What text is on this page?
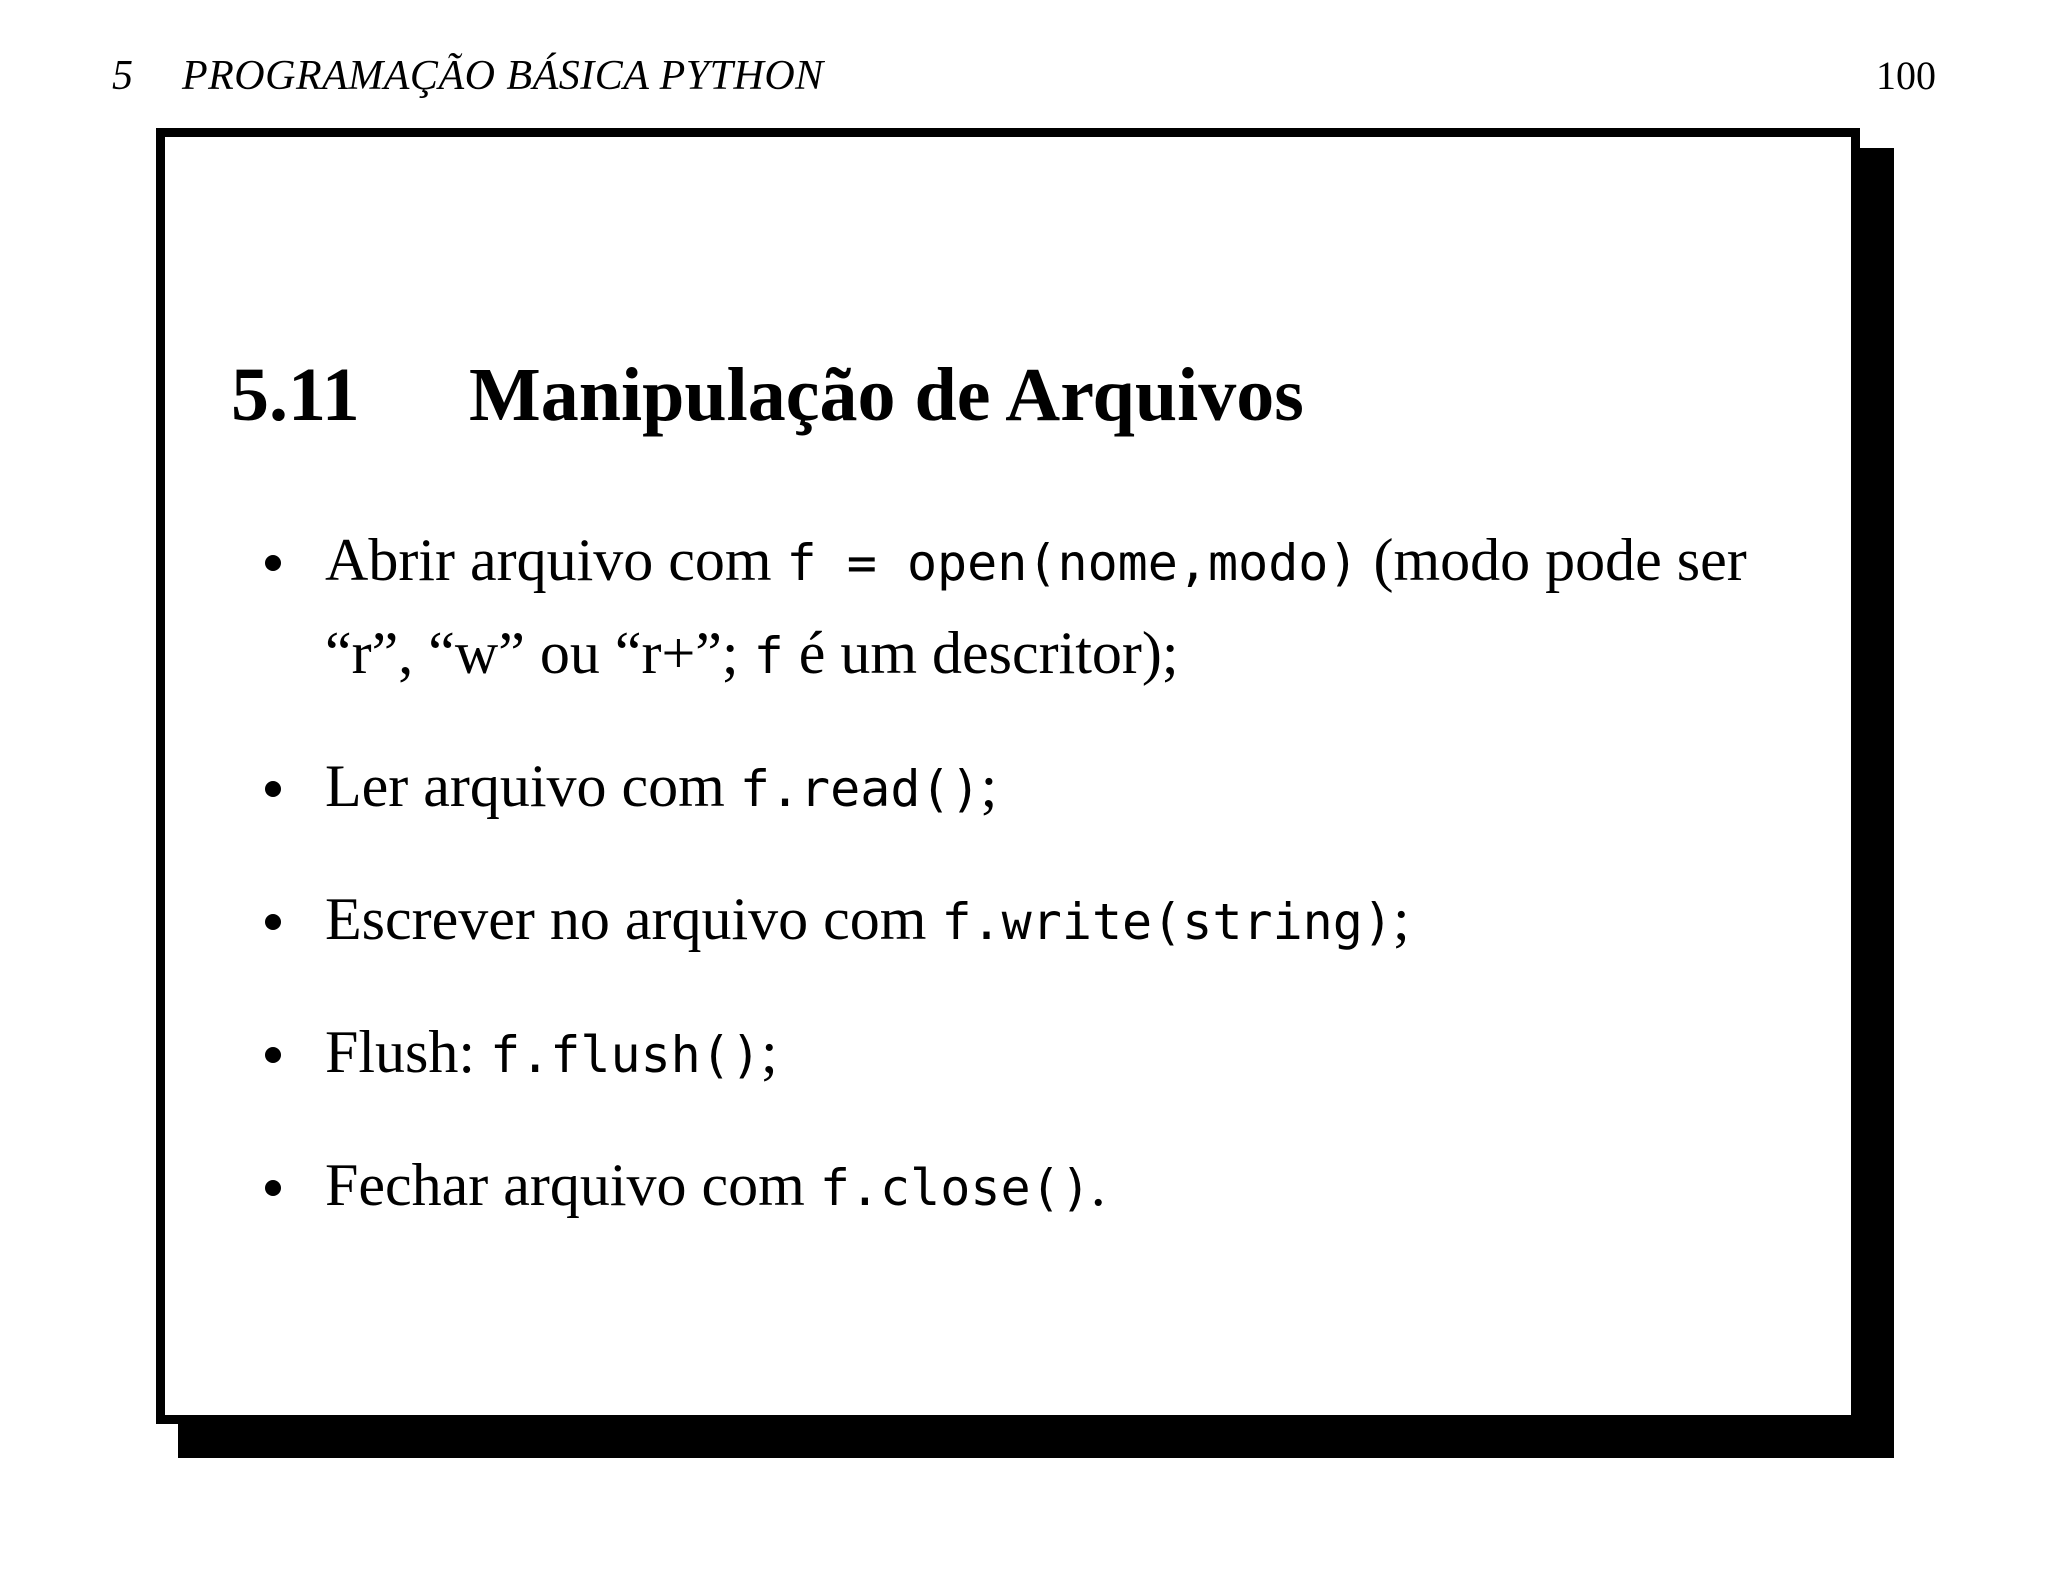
5	PROGRAMAÇÃO BÁSICA PYTHON	100
5.11	Manipulação de Arquivos
Abrir arquivo com f = open(nome,modo) (modo pode ser “r”, “w” ou “r+”; f é um descritor);
Ler arquivo com f.read();
Escrever no arquivo com f.write(string);
Flush: f.flush();
Fechar arquivo com f.close().
